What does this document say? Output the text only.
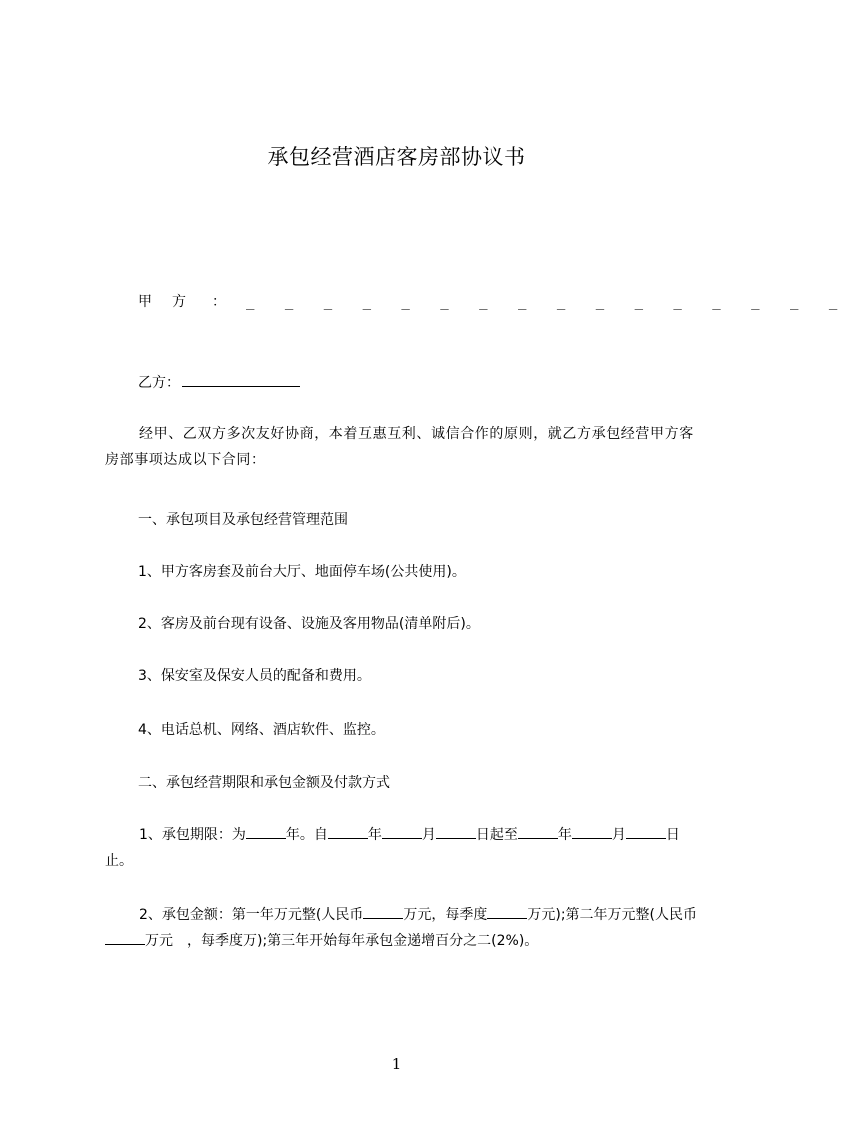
承包经营酒店客房部协议书
甲方 ： _ _ _ _ _ _ _ _ _ _ _ _ _ _ _ _
乙方：
经甲、乙双方多次友好协商，本着互惠互利、诚信合作的原则，就乙方承包经营甲方客房部事项达成以下合同：
一、承包项目及承包经营管理范围
1、甲方客房套及前台大厅、地面停车场(公共使用)。
2、客房及前台现有设备、设施及客用物品(清单附后)。
3、保安室及保安人员的配备和费用。
4、电话总机、网络、酒店软件、监控。
二、承包经营期限和承包金额及付款方式
1、承包期限：为	年。自	年	月	日起至	年	月	日止。
2、承包金额：第一年万元整(人民币	万元，每季度	万元);第二年万元整(人民币万元　，每季度万);第三年开始每年承包金递增百分之二(2%)。
1
